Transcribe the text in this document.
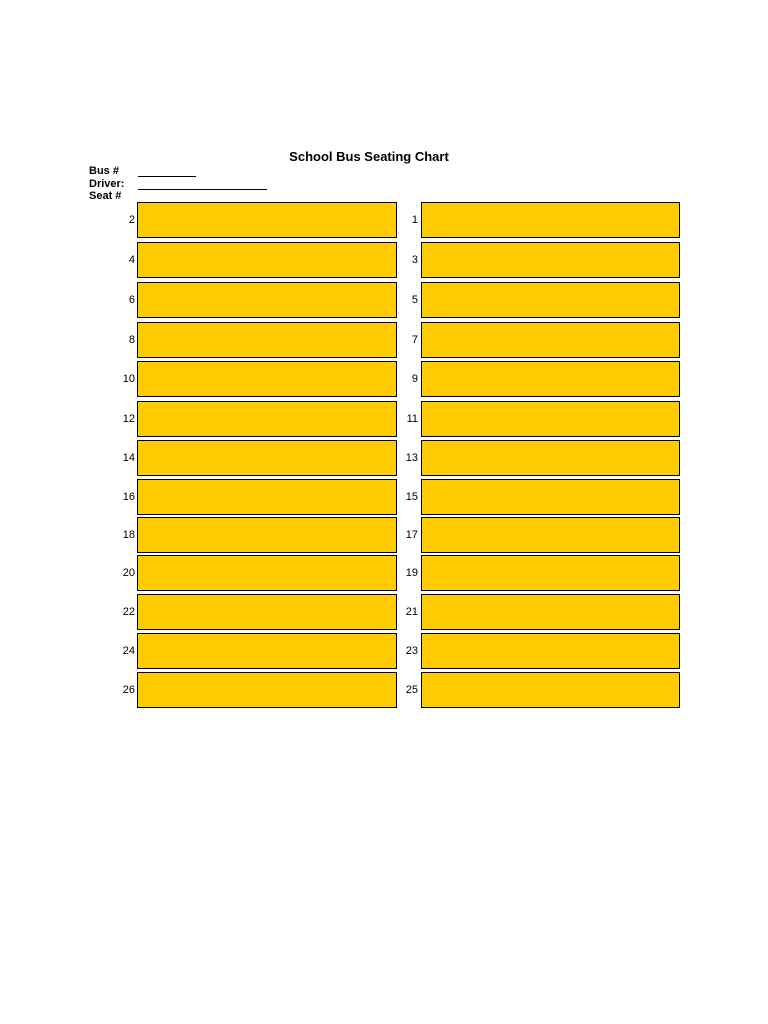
School Bus Seating Chart
Bus #
Driver:
Seat #
2	1
4	3
6	5
8	7
10	9
12	11
14	13
16	15
18	17
20	19
22	21
24	23
26	25
